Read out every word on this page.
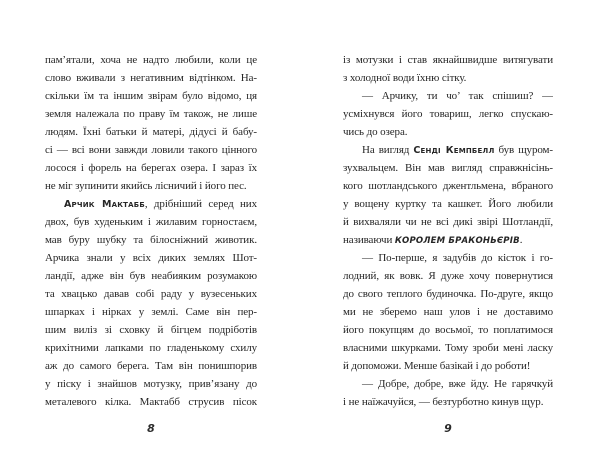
пам’ятали, хоча не надто любили, коли це
слово вживали з негативним відтінком. На-
скільки їм та іншим звірам було відомо, ця
земля належала по праву їм також, не лише
людям. Їхні батьки й матері, дідусі й бабу-
сі — всі вони завжди ловили такого цінного
лосося і форель на берегах озера. І зараз їх
не міг зупинити якийсь лісничий і його пес.
Арчик Мактабб, дрібніший серед них
двох, був худеньким і жилавим горностаєм,
мав буру шубку та білосніжний животик.
Арчика знали у всіх диких землях Шот-
ландії, адже він був неабияким розумакою
та хвацько давав собі раду у вузесеньких
шпарках і нірках у землі. Саме він пер-
шим виліз зі сховку й бігцем подріботів
крихітними лапками по гладенькому схилу
аж до самого берега. Там він понишпорив
у піску і знайшов мотузку, прив’язану до
металевого кілка. Мактабб струсив пісок
8
із мотузки і став якнайшвидше витягувати
з холодної води їхню сітку.
— Арчику, ти чо’ так спішиш? —
усміхнувся його товариш, легко спускаю-
чись до озера.
На вигляд Сенді Кемпбелл був щуром-
зухвальцем. Він мав вигляд справжнісінь-
кого шотландського джентльмена, вбраного
у вощену куртку та кашкет. Його любили
й вихваляли чи не всі дикі звірі Шотландії,
називаючи КОРОЛЕМ БРАКОНЬЄРІВ.
— По-перше, я задубів до кісток і го-
лодний, як вовк. Я дуже хочу повернутися
до свого теплого будиночка. По-друге, якщо
ми не зберемо наш улов і не доставимо
його покупцям до восьмої, то поплатимося
власними шкурками. Тому зроби мені ласку
й допоможи. Менше базікай і до роботи!
— Добре, добре, вже йду. Не гарячкуй
і не наїжачуйся, — безтурботно кинув щур.
9
